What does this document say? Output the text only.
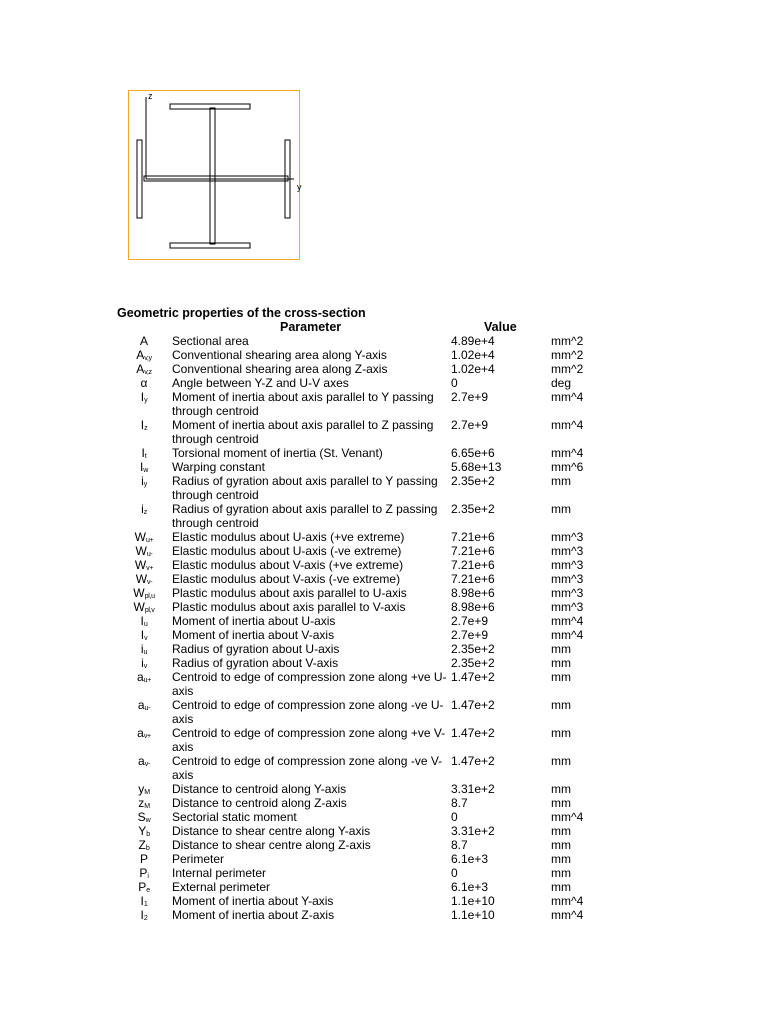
z
y
Geometric properties of the cross-section
Parameter	Value
A	Sectional area	4.89e+4	mm^2
$A_{v,y}$	Conventional shearing area along Y-axis	1.02e+4	mm^2
$A_{v,z}$	Conventional shearing area along Z-axis	1.02e+4	mm^2
α	Angle between Y-Z and U-V axes	0	deg
$I_y$	Moment of inertia about axis parallel to Y passing through centroid
2.7e+9	mm^4
$I_z$	Moment of inertia about axis parallel to Z passing through centroid
2.7e+9	mm^4
$I_t$	Torsional moment of inertia (St. Venant)	6.65e+6	mm^4
$I_w$	Warping constant	5.68e+13	mm^6
$i_y$	Radius of gyration about axis parallel to Y passing through centroid
2.35e+2	mm
$i_z$	Radius of gyration about axis parallel to Z passing through centroid
2.35e+2	mm
$W_{u+}$	Elastic modulus about U-axis (+ve extreme)	7.21e+6	mm^3
$W_{u-}$	Elastic modulus about U-axis (-ve extreme)	7.21e+6	mm^3
$W_{v+}$	Elastic modulus about V-axis (+ve extreme)	7.21e+6	mm^3
$W_{v-}$	Elastic modulus about V-axis (-ve extreme)	7.21e+6	mm^3
$W_{pl,u}$	Plastic modulus about axis parallel to U-axis	8.98e+6	mm^3
$W_{pl,v}$	Plastic modulus about axis parallel to V-axis	8.98e+6	mm^3
$I_u$	Moment of inertia about U-axis	2.7e+9	mm^4
$I_v$	Moment of inertia about V-axis	2.7e+9	mm^4
$i_u$	Radius of gyration about U-axis	2.35e+2	mm
$i_v$	Radius of gyration about V-axis	2.35e+2	mm
$a_{u+}$	Centroid to edge of compression zone along +ve U-axis
1.47e+2	mm
$a_{u-}$	Centroid to edge of compression zone along -ve U-axis
1.47e+2	mm
$a_{v+}$	Centroid to edge of compression zone along +ve V-axis
1.47e+2	mm
$a_{v-}$	Centroid to edge of compression zone along -ve V-axis
1.47e+2	mm
$y_M$	Distance to centroid along Y-axis	3.31e+2	mm
$z_M$	Distance to centroid along Z-axis	8.7	mm
$S_w$	Sectorial static moment	0	mm^4
$Y_b$	Distance to shear centre along Y-axis	3.31e+2	mm
$Z_b$	Distance to shear centre along Z-axis	8.7	mm
P	Perimeter	6.1e+3	mm
$P_i$	Internal perimeter	0	mm
$P_e$	External perimeter	6.1e+3	mm
$I_1$	Moment of inertia about Y-axis	1.1e+10	mm^4
$I_2$	Moment of inertia about Z-axis	1.1e+10	mm^4
